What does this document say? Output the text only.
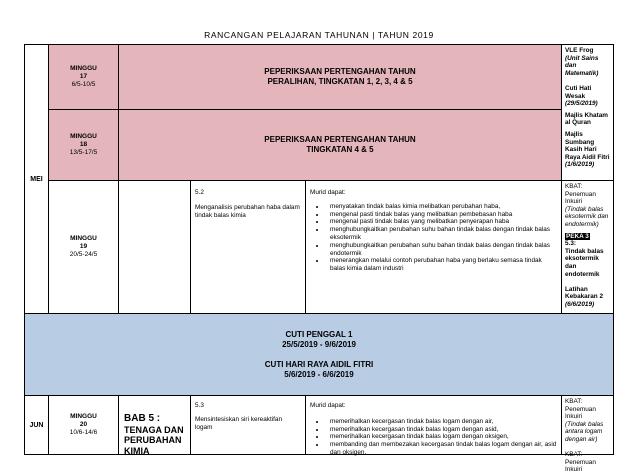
RANCANGAN PELAJARAN TAHUNAN | TAHUN 2019
MEI
MINGGU
17
6/5-10/5
PEPERIKSAAN PERTENGAHAN TAHUN
PERALIHAN, TINGKATAN 1, 2, 3, 4 & 5
MINGGU
18
13/5-17/5
PEPERIKSAAN PERTENGAHAN TAHUN
TINGKATAN 4 & 5
VLE Frog
(Unit Sains dan Matematik)
Cuti Hati Wesak
(29/5/2019)
Majlis Khatam al Quran
Majlis Sumbang Kasih Hari Raya Aidil Fitri
(1/6/2019)
MINGGU
19
20/5-24/5
5.2
Menganalisis perubahan haba dalam tindak balas kimia
Murid dapat:
• menyatakan tindak balas kimia melibatkan perubahan haba,
• mengenal pasti tindak balas yang melibatkan pembebasan haba
• mengenal pasti tindak balas yang melibatkan penyerapan haba
• menghubungkaitkan perubahan suhu bahan tindak balas dengan tindak balas eksotermik
• menghubungkaitkan perubahan suhu bahan tindak balas dengan tindak balas endotermik
• menerangkan melalui contoh perubahan haba yang berlaku semasa tindak balas kimia dalam industri
KBAT:
Penemuan Inkuiri
(Tindak balas eksotermik dan endotermik)
PEKA 3
5.3:
Tindak balas eksotermik dan endotermik
Latihan Kebakaran 2
(6/6/2019)
CUTI PENGGAL 1
25/5/2019 - 9/6/2019
CUTI HARI RAYA AIDIL FITRI
5/6/2019 - 6/6/2019
JUN
MINGGU
20
10/6-14/6
BAB 5 :
TENAGA DAN PERUBAHAN KIMIA
5.3
Mensintesiskan siri kereaktifan logam
Murid dapat:
• memerihalkan kecergasan tindak balas logam dengan air,
• memerihalkan kecergasan tindak balas logam dengan asid,
• memerihalkan kecergasan tindak balas logam dengan oksigen,
• membanding dan membezakan kecergasan tindak balas logam dengan air, asid dan oksigen,
KBAT:
Penemuan Inkuiri
(Tindak balas antara logam dengan air)
KBAT:
Penemuan Inkuiri
